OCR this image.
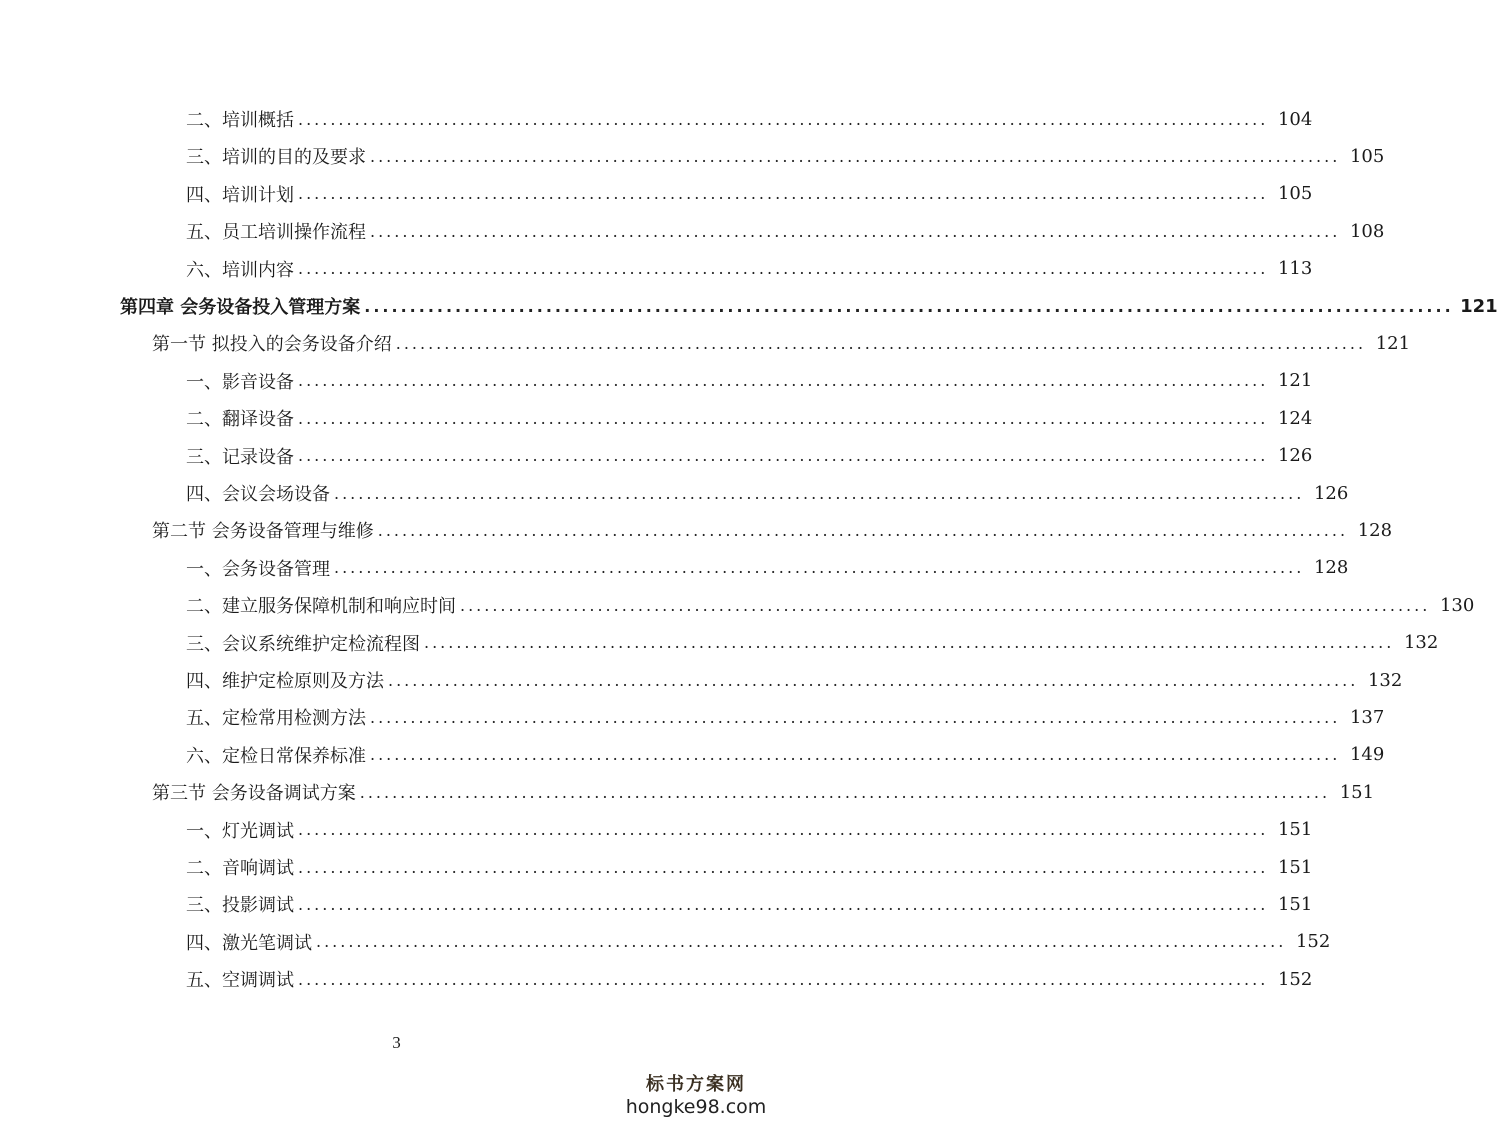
二、培训概括 ........................................................................................................................ 104
三、培训的目的及要求 ........................................................................................................................ 105
四、培训计划 ........................................................................................................................ 105
五、员工培训操作流程 ........................................................................................................................ 108
六、培训内容 ........................................................................................................................ 113
第四章 会务设备投入管理方案 ........................................................................................................................ 121
第一节 拟投入的会务设备介绍 ........................................................................................................................ 121
一、影音设备 ........................................................................................................................ 121
二、翻译设备 ........................................................................................................................ 124
三、记录设备 ........................................................................................................................ 126
四、会议会场设备 ........................................................................................................................ 126
第二节 会务设备管理与维修 ........................................................................................................................ 128
一、会务设备管理 ........................................................................................................................ 128
二、建立服务保障机制和响应时间 ........................................................................................................................ 130
三、会议系统维护定检流程图 ........................................................................................................................ 132
四、维护定检原则及方法 ........................................................................................................................ 132
五、定检常用检测方法 ........................................................................................................................ 137
六、定检日常保养标准 ........................................................................................................................ 149
第三节 会务设备调试方案 ........................................................................................................................ 151
一、灯光调试 ........................................................................................................................ 151
二、音响调试 ........................................................................................................................ 151
三、投影调试 ........................................................................................................................ 151
四、激光笔调试 ........................................................................................................................ 152
五、空调调试 ........................................................................................................................ 152
3
标书方案网
hongke98.com
